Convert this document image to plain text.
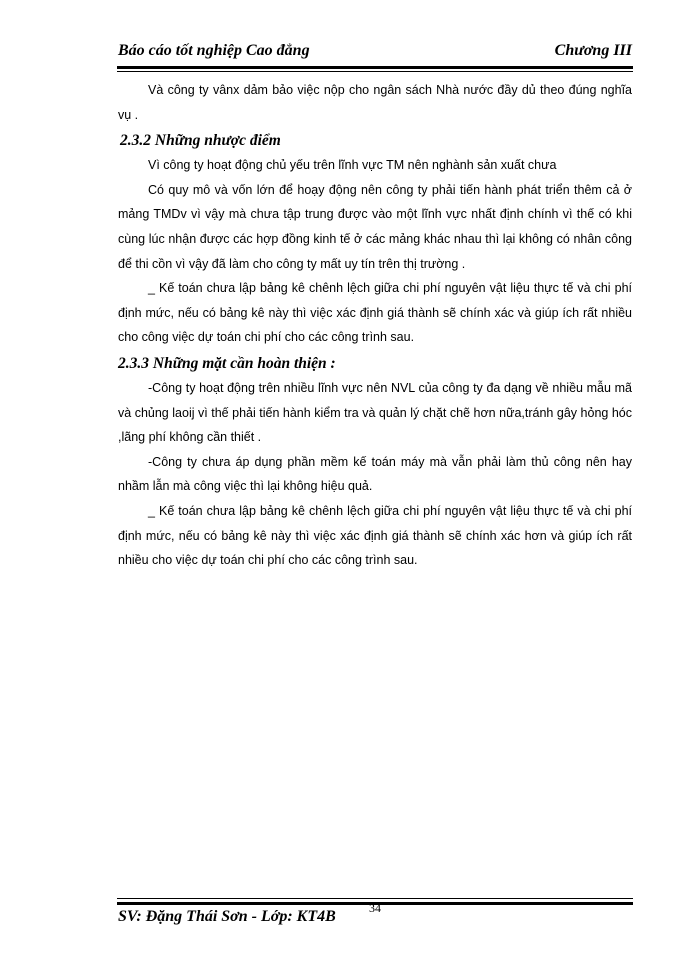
Báo cáo tốt nghiệp Cao đẳng	Chương III

Và công ty vânx dảm bảo việc nộp cho ngân sách Nhà nước đầy dủ theo đúng nghĩa vụ .

2.3.2 Những nhược điểm

Vì công ty hoạt động chủ yếu trên lĩnh vực TM nên nghành sản xuất chưa

Có quy mô và vốn lớn để hoạy động nên công ty phải tiến hành phát triển thêm cả ở mảng TMDv vì vậy mà chưa tập trung được vào một lĩnh vực nhất định chính vì thế có khi cùng lúc nhận được các hợp đồng kinh tế ở các mảng khác nhau thì lại không có nhân công để thi cồn vì vậy đã làm cho công ty mất uy tín trên thị trường .

_ Kế toán chưa lập bảng kê chênh lệch giữa chi phí nguyên vật liệu thực tế và chi phí định mức, nếu có bảng kê này thì việc xác định giá thành sẽ chính xác và giúp ích rất nhiều cho công việc dự toán chi phí cho các công trình sau.

2.3.3 Những mặt cần hoàn thiện :

-Công ty hoạt động trên nhiều lĩnh vực nên NVL của công ty đa dạng về nhiều mẫu mã và chủng laoij vì thế phải tiến hành kiểm tra và quản lý chặt chẽ hơn nữa,tránh gây hỏng hóc ,lãng phí không cần thiết .

-Công ty chưa áp dụng phần mềm kế toán máy mà vẫn phải làm thủ công nên hay nhầm lẫn mà công việc thì lại không hiệu quả.

_ Kế toán chưa lập bảng kê chênh lệch giữa chi phí nguyên vật liệu thực tế và chi phí định mức, nếu có bảng kê này thì việc xác định giá thành sẽ chính xác hơn và giúp ích rất nhiều cho việc dự toán chi phí cho các công trình sau.

SV: Đặng Thái Sơn - Lớp: KT4B	34
